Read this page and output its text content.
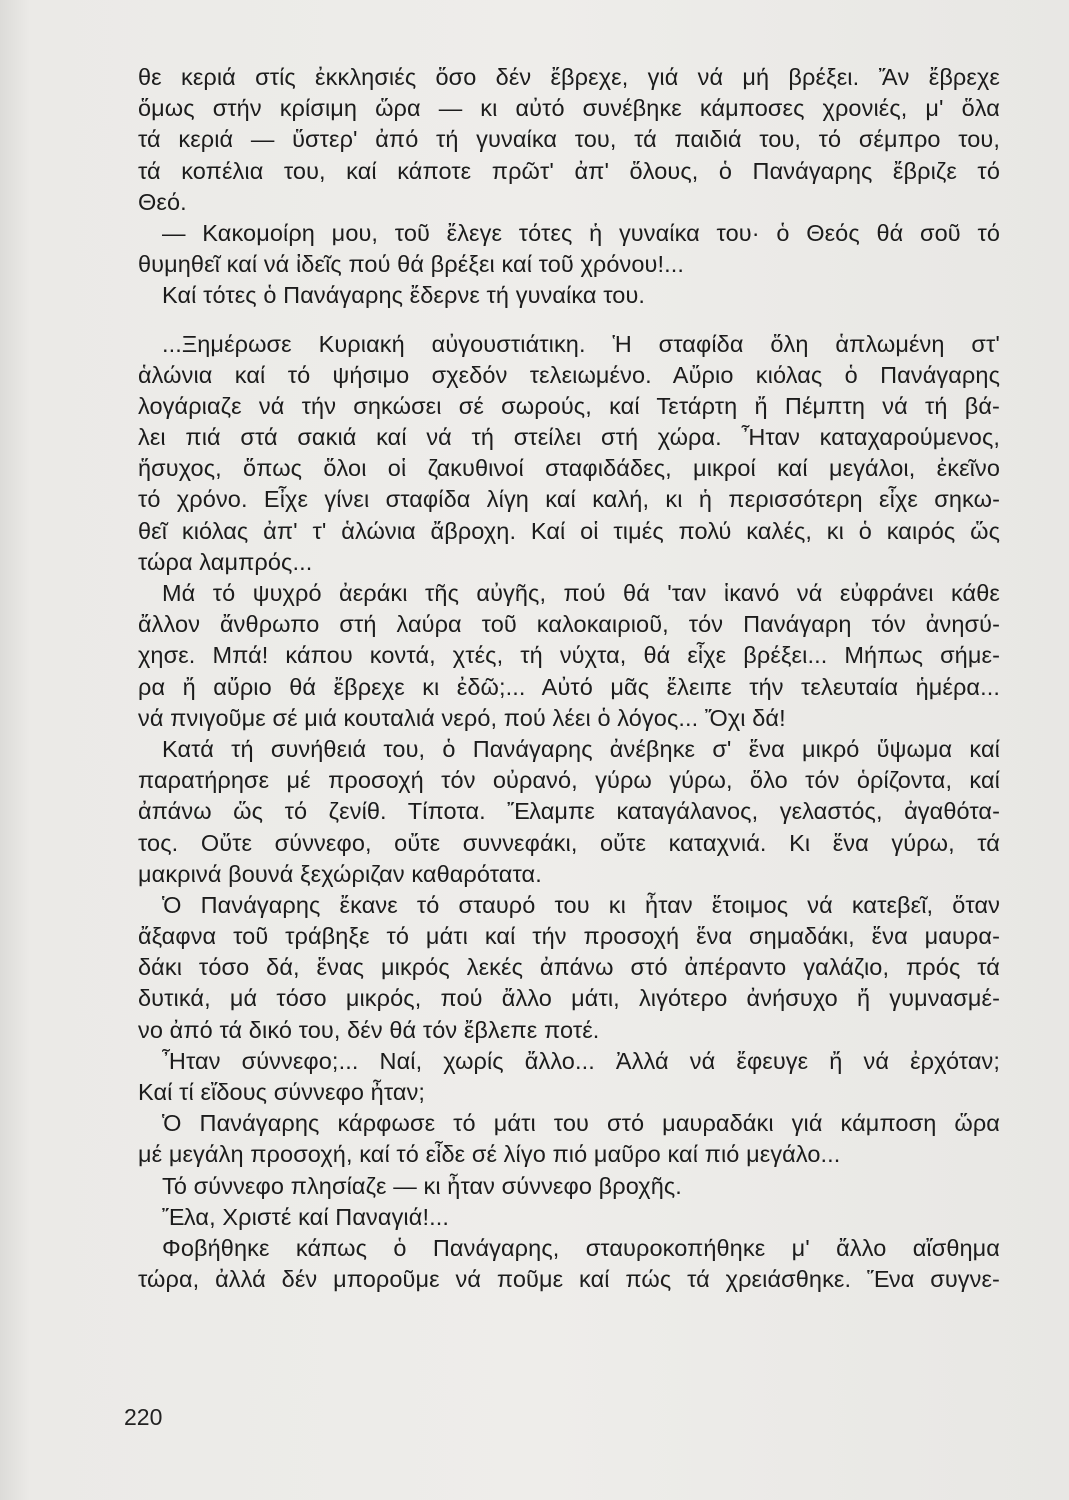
θε κεριά στίς ἐκκλησιές ὅσο δέν ἔβρεχε, γιά νά μή βρέξει. Ἄν ἔβρεχε
ὅμως στήν κρίσιμη ὥρα — κι αὐτό συνέβηκε κάμποσες χρονιές, μ' ὅλα
τά κεριά — ὕστερ' ἀπό τή γυναίκα του, τά παιδιά του, τό σέμπρο του,
τά κοπέλια του, καί κάποτε πρῶτ' ἀπ' ὅλους, ὁ Πανάγαρης ἔβριζε τό
Θεό.
— Κακομοίρη μου, τοῦ ἔλεγε τότες ἡ γυναίκα του· ὁ Θεός θά σοῦ τό
θυμηθεῖ καί νά ἰδεῖς πού θά βρέξει καί τοῦ χρόνου!...
Καί τότες ὁ Πανάγαρης ἔδερνε τή γυναίκα του.
...Ξημέρωσε Κυριακή αὐγουστιάτικη. Ἡ σταφίδα ὅλη ἁπλωμένη στ'
ἁλώνια καί τό ψήσιμο σχεδόν τελειωμένο. Αὔριο κιόλας ὁ Πανάγαρης
λογάριαζε νά τήν σηκώσει σέ σωρούς, καί Τετάρτη ἤ Πέμπτη νά τή βά-
λει πιά στά σακιά καί νά τή στείλει στή χώρα. Ἦταν καταχαρούμενος,
ἥσυχος, ὅπως ὅλοι οἱ ζακυθινοί σταφιδάδες, μικροί καί μεγάλοι, ἐκεῖνο
τό χρόνο. Εἶχε γίνει σταφίδα λίγη καί καλή, κι ἡ περισσότερη εἶχε σηκω-
θεῖ κιόλας ἀπ' τ' ἁλώνια ἄβροχη. Καί οἱ τιμές πολύ καλές, κι ὁ καιρός ὥς
τώρα λαμπρός...
Μά τό ψυχρό ἀεράκι τῆς αὐγῆς, πού θά 'ταν ἱκανό νά εὐφράνει κάθε
ἄλλον ἄνθρωπο στή λαύρα τοῦ καλοκαιριοῦ, τόν Πανάγαρη τόν ἀνησύ-
χησε. Μπά! κάπου κοντά, χτές, τή νύχτα, θά εἶχε βρέξει... Μήπως σήμε-
ρα ἤ αὔριο θά ἔβρεχε κι ἐδῶ;... Αὐτό μᾶς ἔλειπε τήν τελευταία ἡμέρα...
νά πνιγοῦμε σέ μιά κουταλιά νερό, πού λέει ὁ λόγος... Ὄχι δά!
Κατά τή συνήθειά του, ὁ Πανάγαρης ἀνέβηκε σ' ἕνα μικρό ὕψωμα καί
παρατήρησε μέ προσοχή τόν οὐρανό, γύρω γύρω, ὅλο τόν ὁρίζοντα, καί
ἀπάνω ὥς τό ζενίθ. Τίποτα. Ἔλαμπε καταγάλανος, γελαστός, ἀγαθότα-
τος. Οὔτε σύννεφο, οὔτε συννεφάκι, οὔτε καταχνιά. Κι ἕνα γύρω, τά
μακρινά βουνά ξεχώριζαν καθαρότατα.
Ὁ Πανάγαρης ἔκανε τό σταυρό του κι ἦταν ἕτοιμος νά κατεβεῖ, ὅταν
ἄξαφνα τοῦ τράβηξε τό μάτι καί τήν προσοχή ἕνα σημαδάκι, ἕνα μαυρα-
δάκι τόσο δά, ἕνας μικρός λεκές ἀπάνω στό ἀπέραντο γαλάζιο, πρός τά
δυτικά, μά τόσο μικρός, πού ἄλλο μάτι, λιγότερο ἀνήσυχο ἤ γυμνασμέ-
νο ἀπό τά δικό του, δέν θά τόν ἔβλεπε ποτέ.
Ἦταν σύννεφο;... Ναί, χωρίς ἄλλο... Ἀλλά νά ἔφευγε ἤ νά ἐρχόταν;
Καί τί εἴδους σύννεφο ἦταν;
Ὁ Πανάγαρης κάρφωσε τό μάτι του στό μαυραδάκι γιά κάμποση ὥρα
μέ μεγάλη προσοχή, καί τό εἶδε σέ λίγο πιό μαῦρο καί πιό μεγάλο...
Τό σύννεφο πλησίαζε — κι ἦταν σύννεφο βροχῆς.
Ἔλα, Χριστέ καί Παναγιά!...
Φοβήθηκε κάπως ὁ Πανάγαρης, σταυροκοπήθηκε μ' ἄλλο αἴσθημα
τώρα, ἀλλά δέν μποροῦμε νά ποῦμε καί πώς τά χρειάσθηκε. Ἕνα συγνε-
220
